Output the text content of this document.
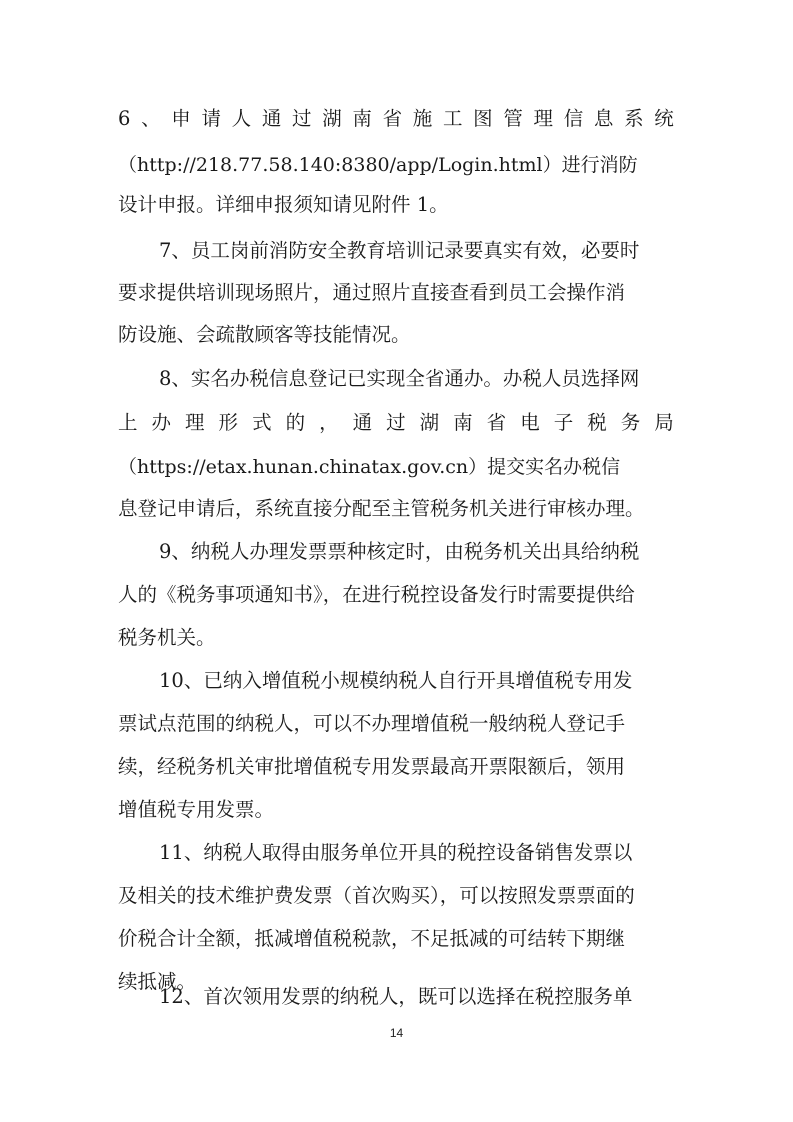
6 、 申 请 人 通 过 湖 南 省 施 工 图 管 理 信 息 系 统
（http://218.77.58.140:8380/app/Login.html）进行消防
设计申报。详细申报须知请见附件 1。
7、员工岗前消防安全教育培训记录要真实有效，必要时
要求提供培训现场照片，通过照片直接查看到员工会操作消
防设施、会疏散顾客等技能情况。
8、实名办税信息登记已实现全省通办。办税人员选择网
上 办 理 形 式 的 ， 通 过 湖 南 省 电 子 税 务 局
（https://etax.hunan.chinatax.gov.cn）提交实名办税信
息登记申请后，系统直接分配至主管税务机关进行审核办理。
9、纳税人办理发票票种核定时，由税务机关出具给纳税
人的《税务事项通知书》，在进行税控设备发行时需要提供给
税务机关。
10、已纳入增值税小规模纳税人自行开具增值税专用发
票试点范围的纳税人，可以不办理增值税一般纳税人登记手
续，经税务机关审批增值税专用发票最高开票限额后，领用
增值税专用发票。
11、纳税人取得由服务单位开具的税控设备销售发票以
及相关的技术维护费发票（首次购买），可以按照发票票面的
价税合计全额，抵减增值税税款，不足抵减的可结转下期继
续抵减。
12、首次领用发票的纳税人，既可以选择在税控服务单
14
